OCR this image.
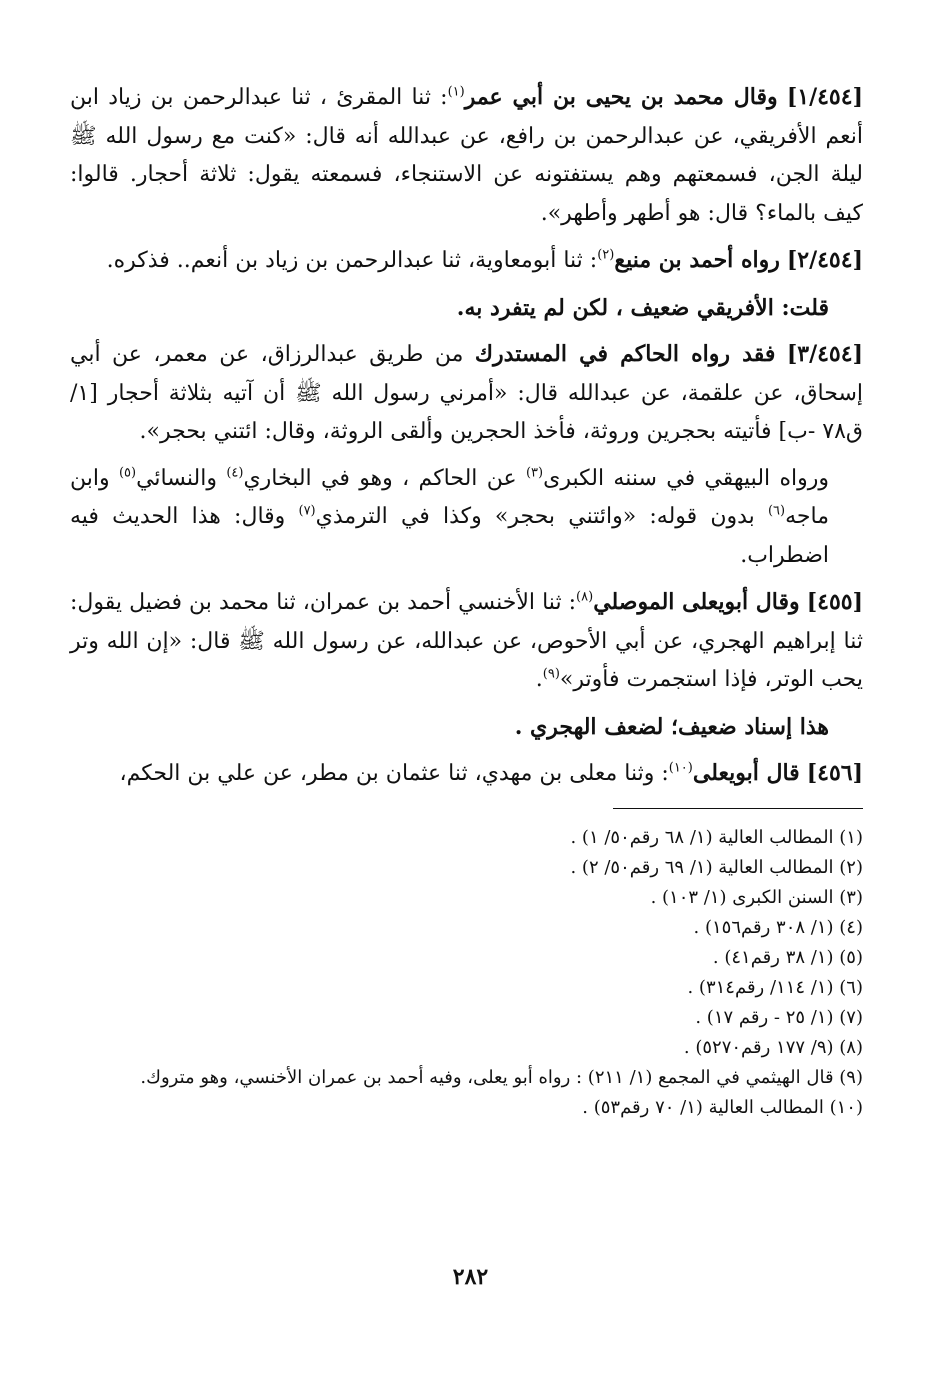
[١/٤٥٤] وقال محمد بن يحيى بن أبي عمر$^{(١)}$: ثنا المقرئ ، ثنا عبدالرحمن بن زياد ابن أنعم الأفريقي، عن عبدالرحمن بن رافع، عن عبدالله أنه قال: «كنت مع رسول الله ﷺ ليلة الجن، فسمعتهم وهم يستفتونه عن الاستنجاء، فسمعته يقول: ثلاثة أحجار. قالوا: كيف بالماء؟ قال: هو أطهر وأطهر».

[٢/٤٥٤] رواه أحمد بن منيع$^{(٢)}$: ثنا أبومعاوية، ثنا عبدالرحمن بن زياد بن أنعم.. فذكره.

قلت: الأفريقي ضعيف ، لكن لم يتفرد به.

[٣/٤٥٤] فقد رواه الحاكم في المستدرك من طريق عبدالرزاق، عن معمر، عن أبي إسحاق، عن علقمة، عن عبدالله قال: «أمرني رسول الله ﷺ أن آتيه بثلاثة أحجار [١/ق٧٨ -ب] فأتيته بحجرين وروثة، فأخذ الحجرين وألقى الروثة، وقال: ائتني بحجر».

ورواه البيهقي في سننه الكبرى$^{(٣)}$ عن الحاكم ، وهو في البخاري$^{(٤)}$ والنسائي$^{(٥)}$ وابن ماجه$^{(٦)}$ بدون قوله: «وائتني بحجر» وكذا في الترمذي$^{(٧)}$ وقال: هذا الحديث فيه اضطراب.

[٤٥٥] وقال أبويعلى الموصلي$^{(٨)}$: ثنا الأخنسي أحمد بن عمران، ثنا محمد بن فضيل يقول: ثنا إبراهيم الهجري، عن أبي الأحوص، عن عبدالله، عن رسول الله ﷺ قال: «إن الله وتر يحب الوتر، فإذا استجمرت فأوتر»$^{(٩)}$.

هذا إسناد ضعيف؛ لضعف الهجري .

[٤٥٦] قال أبويعلى$^{(١٠)}$: وثنا معلى بن مهدي، ثنا عثمان بن مطر، عن علي بن الحكم،

(١) المطالب العالية (١/ ٦٨ رقم٥٠/ ١) .

(٢) المطالب العالية (١/ ٦٩ رقم٥٠/ ٢) .

(٣) السنن الكبرى (١/ ١٠٣) .

(٤) (١/ ٣٠٨ رقم١٥٦) .

(٥) (١/ ٣٨ رقم٤١) .

(٦) (١/ ١١٤/ رقم٣١٤) .

(٧) (١/ ٢٥ - رقم ١٧) .

(٨) (٩/ ١٧٧ رقم٥٢٧٠) .

(٩) قال الهيثمي في المجمع (١/ ٢١١) : رواه أبو يعلى، وفيه أحمد بن عمران الأخنسي، وهو متروك.

(١٠) المطالب العالية (١/ ٧٠ رقم٥٣) .

٢٨٢
